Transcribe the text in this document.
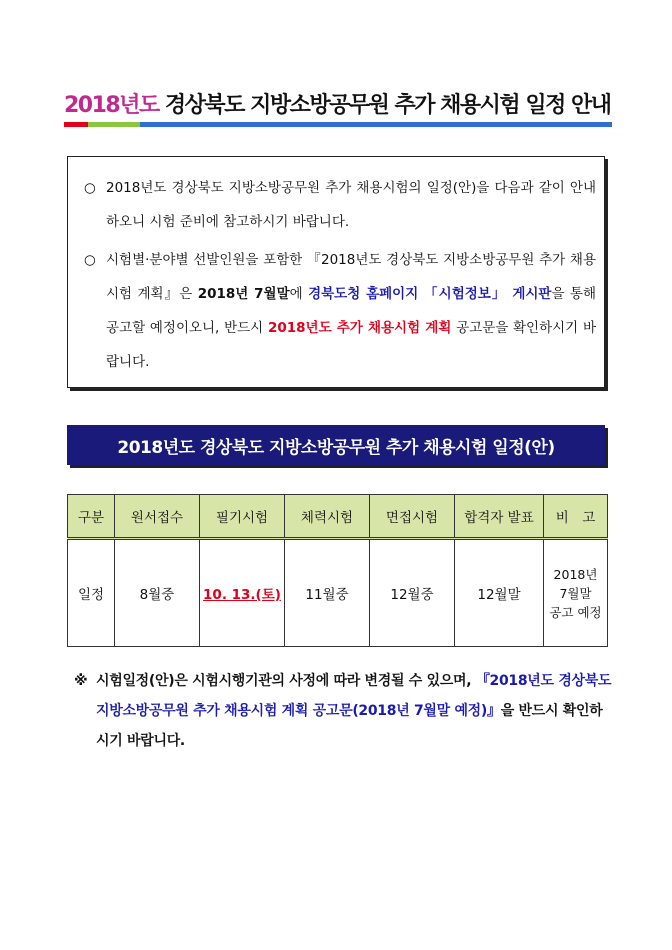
2018년도 경상북도 지방소방공무원 추가 채용시험 일정 안내
○ 2018년도 경상북도 지방소방공무원 추가 채용시험의 일정(안)을 다음과 같이 안내하오니 시험 준비에 참고하시기 바랍니다.
○ 시험별·분야별 선발인원을 포함한 『2018년도 경상북도 지방소방공무원 추가 채용시험 계획』은 2018년 7월말에 경북도청 홈페이지 「시험정보」 게시판을 통해 공고할 예정이오니, 반드시 2018년도 추가 채용시험 계획 공고문을 확인하시기 바랍니다.
2018년도 경상북도 지방소방공무원 추가 채용시험 일정(안)
구분	원서접수	필기시험	체력시험	면접시험	합격자 발표	비　고
일정	8월중	10. 13.(토)	11월중	12월중	12월말	2018년
7월말
공고 예정
※ 시험일정(안)은 시험시행기관의 사정에 따라 변경될 수 있으며, 『2018년도 경상북도 지방소방공무원 추가 채용시험 계획 공고문(2018년 7월말 예정)』을 반드시 확인하시기 바랍니다.
